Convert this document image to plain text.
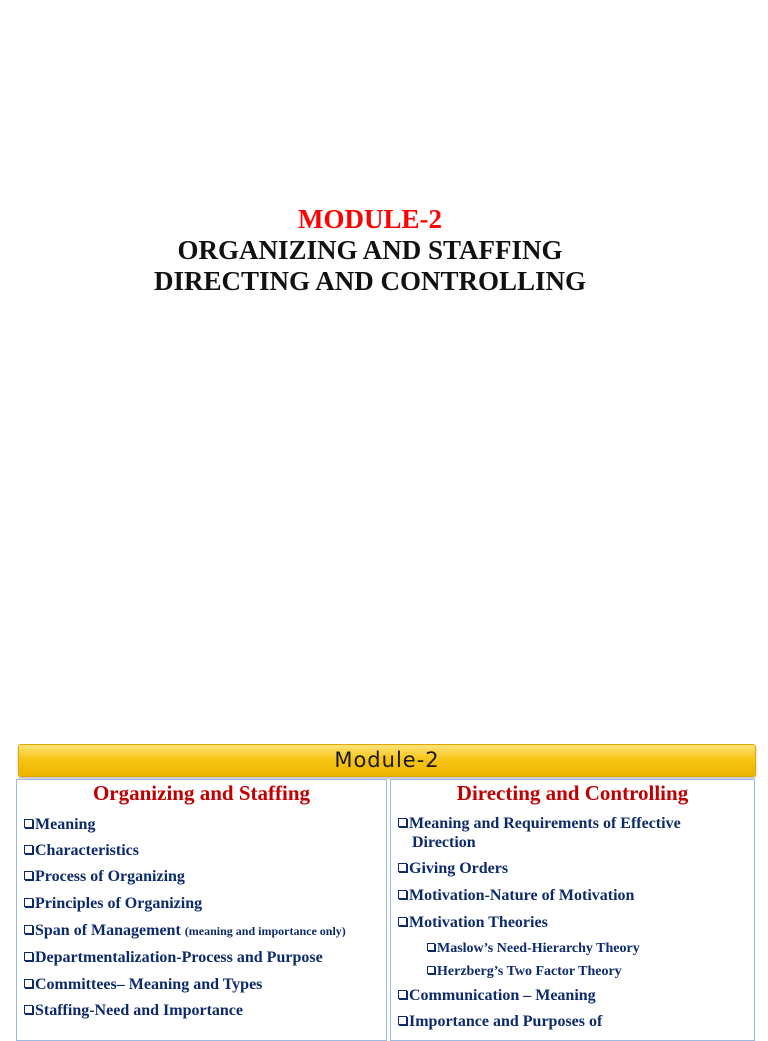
MODULE-2
ORGANIZING AND STAFFING
DIRECTING AND CONTROLLING
Module-2
Organizing and Staffing
Meaning
Characteristics
Process of Organizing
Principles of Organizing
Span of Management (meaning and importance only)
Departmentalization-Process and Purpose
Committees– Meaning and Types
Staffing-Need and Importance
Directing and Controlling
Meaning and Requirements of Effective
Direction
Giving Orders
Motivation-Nature of Motivation
Motivation Theories
Maslow’s Need-Hierarchy Theory
Herzberg’s Two Factor Theory
Communication – Meaning
Importance and Purposes of
